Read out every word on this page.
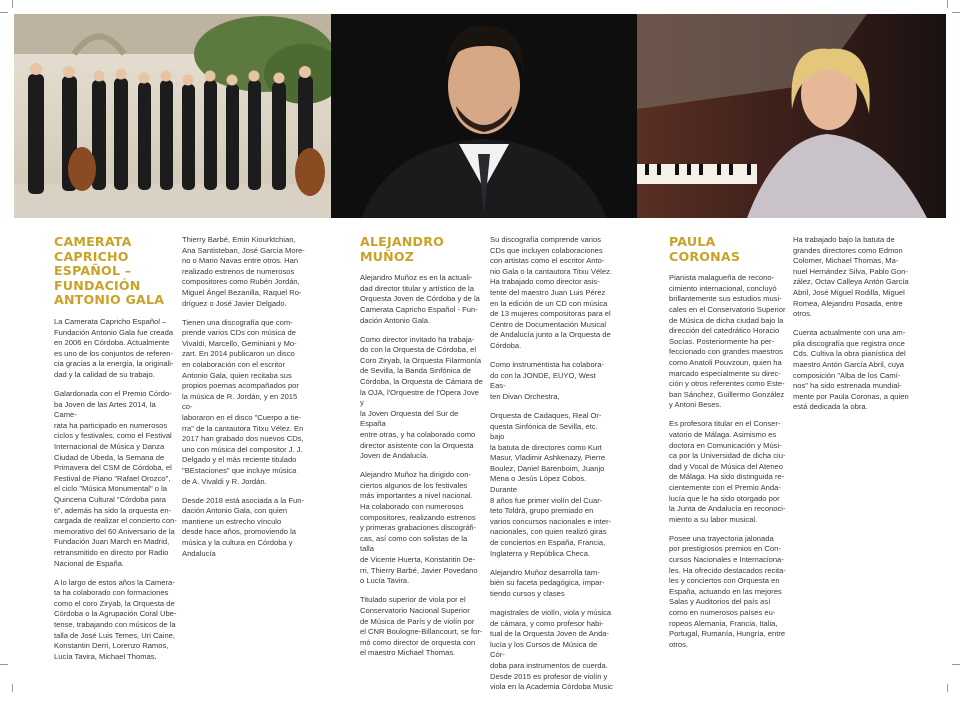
CAMERATA
CAPRICHO
ESPAÑOL –
FUNDACIÓN
ANTONIO GALA

La Camerata Capricho Español –
Fundación Antonio Gala fue creada
en 2006 en Córdoba. Actualmente
es uno de los conjuntos de referen-
cia gracias a la energía, la originali-
dad y la calidad de su trabajo.

Galardonada con el Premio Córdo-
ba Joven de las Artes 2014, la Came-
rata ha participado en numerosos
ciclos y festivales, como el Festival
Internacional de Música y Danza
Ciudad de Úbeda, la Semana de
Primavera del CSM de Córdoba, el
Festival de Piano "Rafael Orozco",
el ciclo "Música Monumental" o la
Quincena Cultural "Córdoba para
ti", además ha sido la orquesta en-
cargada de realizar el concierto con-
memorativo del 60 Aniversario de la
Fundación Juan March en Madrid,
retransmitido en directo por Radio
Nacional de España.

A lo largo de estos años la Camera-
ta ha colaborado con formaciones
como el coro Ziryab, la Orquesta de
Córdoba o la Agrupación Coral Ube-
tense, trabajando con músicos de la
talla de José Luis Temes, Uri Caine,
Konstantin Derri, Lorenzo Ramos,
Lucía Tavira, Michael Thomas,

Thierry Barbé, Emin Kiourktchian,
Ana Santisteban, José García More-
no o Mario Navas entre otros. Han
realizado estrenos de numerosos
compositores como Rubén Jordán,
Miguel Ángel Bezanilla, Raquel Ro-
dríguez o José Javier Delgado.

Tienen una discografía que com-
prende varios CDs con música de
Vivaldi, Marcello, Geminiani y Mo-
zart. En 2014 publicaron un disco
en colaboración con el escritor
Antonio Gala, quien recitaba sus
propios poemas acompañados por
la música de R. Jordán, y en 2015 co-
laboraron en el disco "Cuerpo a tie-
rra" de la cantautora Titxu Vélez. En
2017 han grabado dos nuevos CDs,
uno con música del compositor J. J.
Delgado y el más reciente titulado
"BEstaciones" que incluye música
de A. Vivaldi y R. Jordán.

Desde 2018 está asociada a la Fun-
dación Antonio Gala, con quien
mantiene un estrecho vínculo
desde hace años, promoviendo la
música y la cultura en Córdoba y
Andalucía

ALEJANDRO
MUÑOZ

Alejandro Muñoz es en la actuali-
dad director titular y artístico de la
Orquesta Joven de Córdoba y de la
Camerata Capricho Español - Fun-
dación Antonio Gala.

Como director invitado ha trabaja-
do con la Orquesta de Córdoba, el
Coro Ziryab, la Orquesta Filarmonía
de Sevilla, la Banda Sinfónica de
Córdoba, la Orquesta de Cámara de
la OJA, l'Orquestre de l'Ópera Jove y
la Joven Orquesta del Sur de España
entre otras, y ha colaborado como
director asistente con la Orquesta
Joven de Andalucía.

Alejandro Muñoz ha dirigido con-
ciertos algunos de los festivales
más importantes a nivel nacional.
Ha colaborado con numerosos
compositores, realizando estrenos
y primeras grabaciones discográfi-
cas, así como con solistas de la talla
de Vicente Huerta, Konstantin De-
rri, Thierry Barbé, Javier Povedano
o Lucía Tavira.

Titulado superior de viola por el
Conservatorio Nacional Superior
de Música de París y de violín por
el CNR Boulogne-Billancourt, se for-
mó como director de orquesta con
el maestro Michael Thomas.

Su discografía comprende varios
CDs que incluyen colaboraciones
con artistas como el escritor Anto-
nio Gala o la cantautora Titxu Vélez.
Ha trabajado como director asis-
tente del maestro Juan Luis Pérez
en la edición de un CD con música
de 13 mujeres compositoras para el
Centro de Documentación Musical
de Andalucía junto a la Orquesta de
Córdoba.

Como instrumentista ha colabora-
do con la JONDE, EUYO, West Eas-
ten Divan Orchestra,

Orquesta de Cadaques, Real Or-
questa Sinfónica de Sevilla, etc. bajo
la batuta de directores como Kurt
Masur, Vladimir Ashkenazy, Pierre
Boulez, Daniel Barenboim, Juanjo
Mena o Jesús López Cobos. Durante
8 años fue primer violín del Cuar-
teto Toldrà, grupo premiado en
varios concursos nacionales e inter-
nacionales, con quien realizó giras
de conciertos en España, Francia,
Inglaterra y República Checa.

Alejandro Muñoz desarrolla tam-
bién su faceta pedagógica, impar-
tiendo cursos y clases

magistrales de violín, viola y música
de cámara, y como profesor habi-
tual de la Orquesta Joven de Anda-
lucía y los Cursos de Música de Cór-
doba para instrumentos de cuerda.
Desde 2015 es profesor de violín y
viola en la Academia Córdoba Music

PAULA CORONAS

Pianista malagueña de recono-
cimiento internacional, concluyó
brillantemente sus estudios musi-
cales en el Conservatorio Superior
de Música de dicha ciudad bajo la
dirección del catedrático Horacio
Socías. Posteriormente ha per-
feccionado con grandes maestros
como Anatoli Pouvzoun, quien ha
marcado especialmente su direc-
ción y otros referentes como Este-
ban Sánchez, Guillermo González
y Antoni Beses.

Es profesora titular en el Conser-
vatorio de Málaga. Asimismo es
doctora en Comunicación y Músi-
ca por la Universidad de dicha ciu-
dad y Vocal de Música del Ateneo
de Málaga. Ha sido distinguida re-
cientemente con el Premio Anda-
lucía que le ha sido otorgado por
la Junta de Andalucía en reconoci-
miento a su labor musical.

Posee una trayectoria jalonada
por prestigiosos premios en Con-
cursos Nacionales e Internaciona-
les. Ha ofrecido destacados recita-
les y conciertos con Orquesta en
España, actuando en las mejores
Salas y Auditorios del país así
como en numerosos países eu-
ropeos Alemania, Francia, Italia,
Portugal, Rumanía, Hungría, entre
otros.

Ha trabajado bajo la batuta de
grandes directores como Edmon
Colomer, Michael Thomas, Ma-
nuel Hernández Silva, Pablo Gon-
zález, Octav Calleya Antón García
Abril, José Miguel Rodilla, Miguel
Romea, Alejandro Posada, entre
otros.

Cuenta actualmente con una am-
plia discografía que registra once
Cds. Cultiva la obra pianística del
maestro Antón García Abril, cuya
composición "Alba de los Camí-
nos" ha sido estrenada mundial-
mente por Paula Coronas, a quien
está dedicada la obra.
